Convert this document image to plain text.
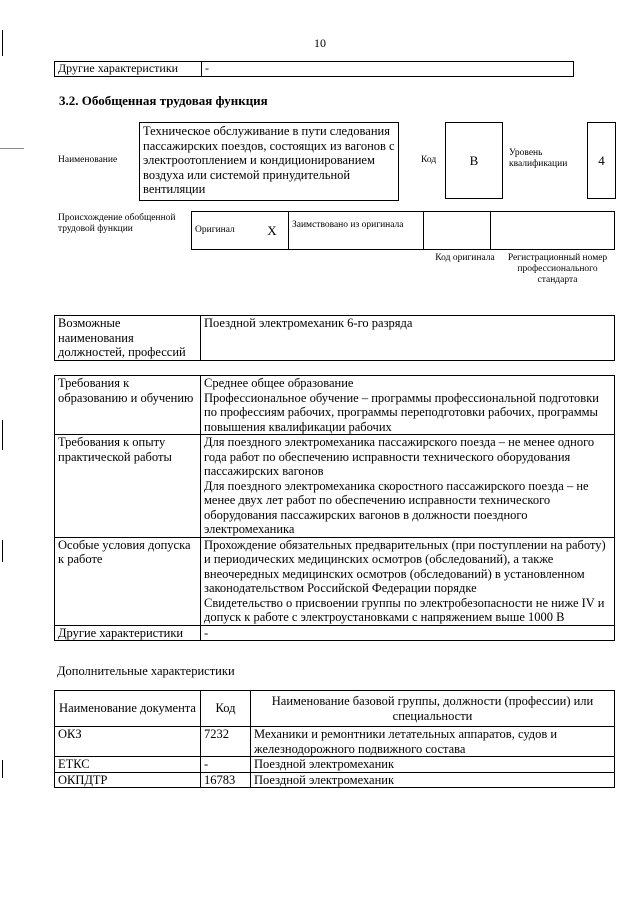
10
Другие характеристики	-
3.2. Обобщенная трудовая функция
Наименование
Техническое обслуживание в пути следования пассажирских поездов, состоящих из вагонов с электроотоплением и кондиционированием воздуха или системой принудительной вентиляции
Код	B	Уровень квалификации	4
Происхождение обобщенной трудовой функции	Оригинал	X	Заимствовано из оригинала		
Код оригинала	Регистрационный номер профессионального стандарта
Возможные наименования должностей, профессий	Поездной электромеханик 6-го разряда
Требования к образованию и обучению	Среднее общее образование
Профессиональное обучение – программы профессиональной подготовки по профессиям рабочих, программы переподготовки рабочих, программы повышения квалификации рабочих

Требования к опыту практической работы	Для поездного электромеханика пассажирского поезда – не менее одного года работ по обеспечению исправности технического оборудования пассажирских вагонов
Для поездного электромеханика скоростного пассажирского поезда – не менее двух лет работ по обеспечению исправности технического оборудования пассажирских вагонов в должности поездного электромеханика

Особые условия допуска к работе	Прохождение обязательных предварительных (при поступлении на работу) и периодических медицинских осмотров (обследований), а также внеочередных медицинских осмотров (обследований) в установленном законодательством Российской Федерации порядке
Свидетельство о присвоении группы по электробезопасности не ниже IV и допуск к работе с электроустановками с напряжением выше 1000 В

Другие характеристики	-
Дополнительные характеристики
Наименование документа	Код	Наименование базовой группы, должности (профессии) или специальности
ОКЗ	7232	Механики и ремонтники летательных аппаратов, судов и железнодорожного подвижного состава
ЕТКС	-	Поездной электромеханик
ОКПДТР	16783	Поездной электромеханик
